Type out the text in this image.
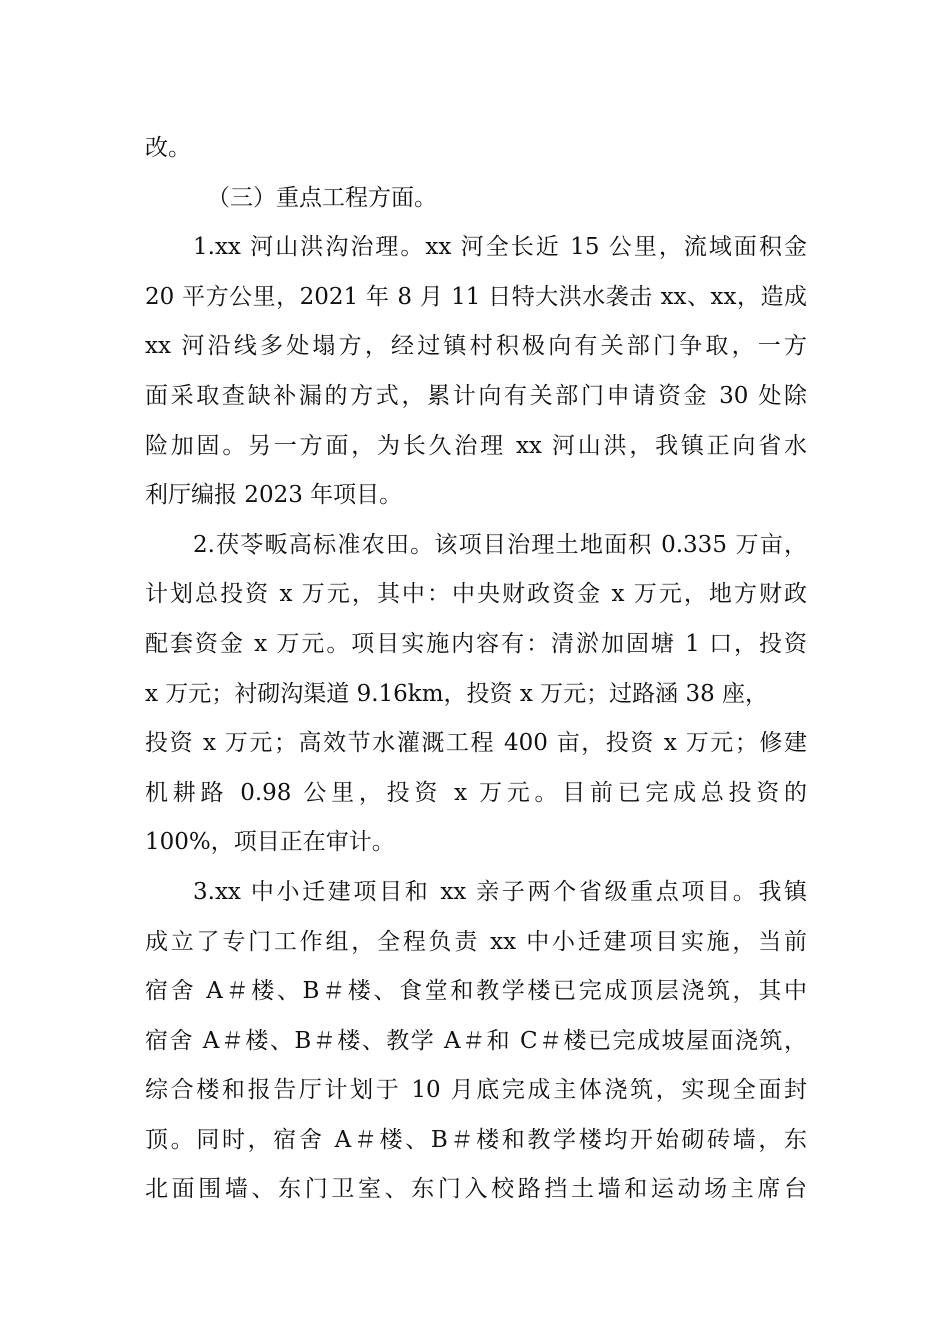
改。
（三）重点工程方面。
1.xx 河山洪沟治理。xx 河全长近 15 公里，流域面积金
20 平方公里，2021 年 8 月 11 日特大洪水袭击 xx、xx，造成
xx 河沿线多处塌方，经过镇村积极向有关部门争取，一方
面采取查缺补漏的方式，累计向有关部门申请资金 30 处除
险加固。另一方面，为长久治理 xx 河山洪，我镇正向省水
利厅编报 2023 年项目。
2.茯苓畈高标准农田。该项目治理土地面积 0.335 万亩，
计划总投资 x 万元，其中：中央财政资金 x 万元，地方财政
配套资金 x 万元。项目实施内容有：清淤加固塘 1 口，投资
x 万元；衬砌沟渠道 9.16km，投资 x 万元；过路涵 38 座，
投资 x 万元；高效节水灌溉工程 400 亩，投资 x 万元；修建
机耕路 0.98 公里，投资 x 万元。目前已完成总投资的
100%，项目正在审计。
3.xx 中小迁建项目和 xx 亲子两个省级重点项目。我镇
成立了专门工作组，全程负责 xx 中小迁建项目实施，当前
宿舍 A＃楼、B＃楼、食堂和教学楼已完成顶层浇筑，其中
宿舍 A＃楼、B＃楼、教学 A＃和 C＃楼已完成坡屋面浇筑，
综合楼和报告厅计划于 10 月底完成主体浇筑，实现全面封
顶。同时，宿舍 A＃楼、B＃楼和教学楼均开始砌砖墙，东
北面围墙、东门卫室、东门入校路挡土墙和运动场主席台
